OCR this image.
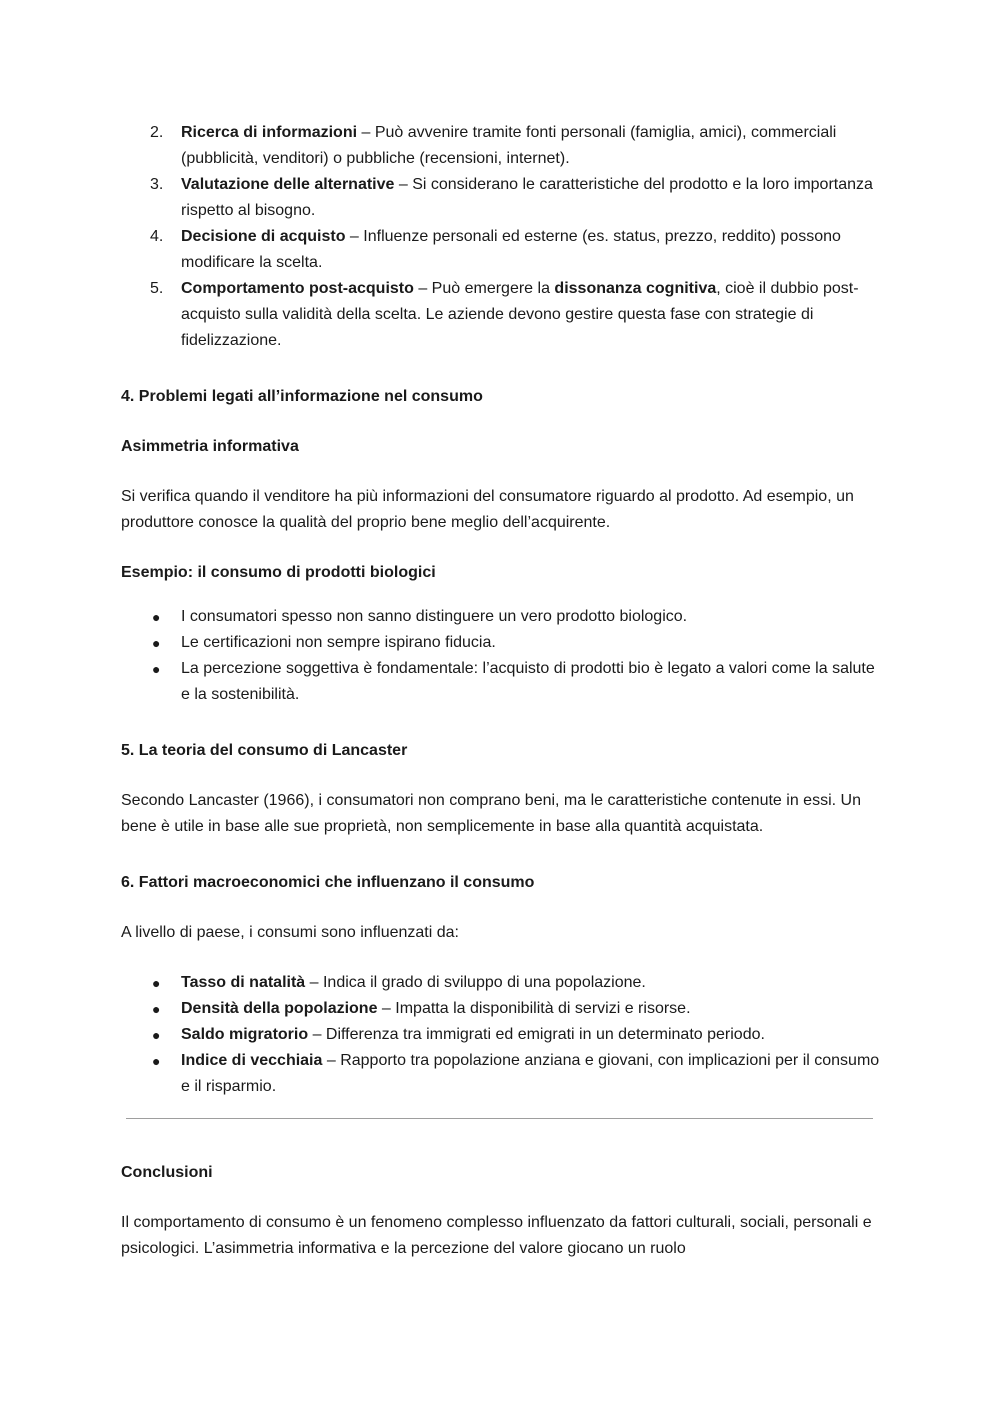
2. Ricerca di informazioni – Può avvenire tramite fonti personali (famiglia, amici), commerciali (pubblicità, venditori) o pubbliche (recensioni, internet).
3. Valutazione delle alternative – Si considerano le caratteristiche del prodotto e la loro importanza rispetto al bisogno.
4. Decisione di acquisto – Influenze personali ed esterne (es. status, prezzo, reddito) possono modificare la scelta.
5. Comportamento post-acquisto – Può emergere la dissonanza cognitiva, cioè il dubbio post-acquisto sulla validità della scelta. Le aziende devono gestire questa fase con strategie di fidelizzazione.

4. Problemi legati all’informazione nel consumo

Asimmetria informativa

Si verifica quando il venditore ha più informazioni del consumatore riguardo al prodotto. Ad esempio, un produttore conosce la qualità del proprio bene meglio dell’acquirente.

Esempio: il consumo di prodotti biologici

● I consumatori spesso non sanno distinguere un vero prodotto biologico.
● Le certificazioni non sempre ispirano fiducia.
● La percezione soggettiva è fondamentale: l’acquisto di prodotti bio è legato a valori come la salute e la sostenibilità.

5. La teoria del consumo di Lancaster

Secondo Lancaster (1966), i consumatori non comprano beni, ma le caratteristiche contenute in essi. Un bene è utile in base alle sue proprietà, non semplicemente in base alla quantità acquistata.

6. Fattori macroeconomici che influenzano il consumo

A livello di paese, i consumi sono influenzati da:

● Tasso di natalità – Indica il grado di sviluppo di una popolazione.
● Densità della popolazione – Impatta la disponibilità di servizi e risorse.
● Saldo migratorio – Differenza tra immigrati ed emigrati in un determinato periodo.
● Indice di vecchiaia – Rapporto tra popolazione anziana e giovani, con implicazioni per il consumo e il risparmio.

Conclusioni

Il comportamento di consumo è un fenomeno complesso influenzato da fattori culturali, sociali, personali e psicologici. L’asimmetria informativa e la percezione del valore giocano un ruolo
